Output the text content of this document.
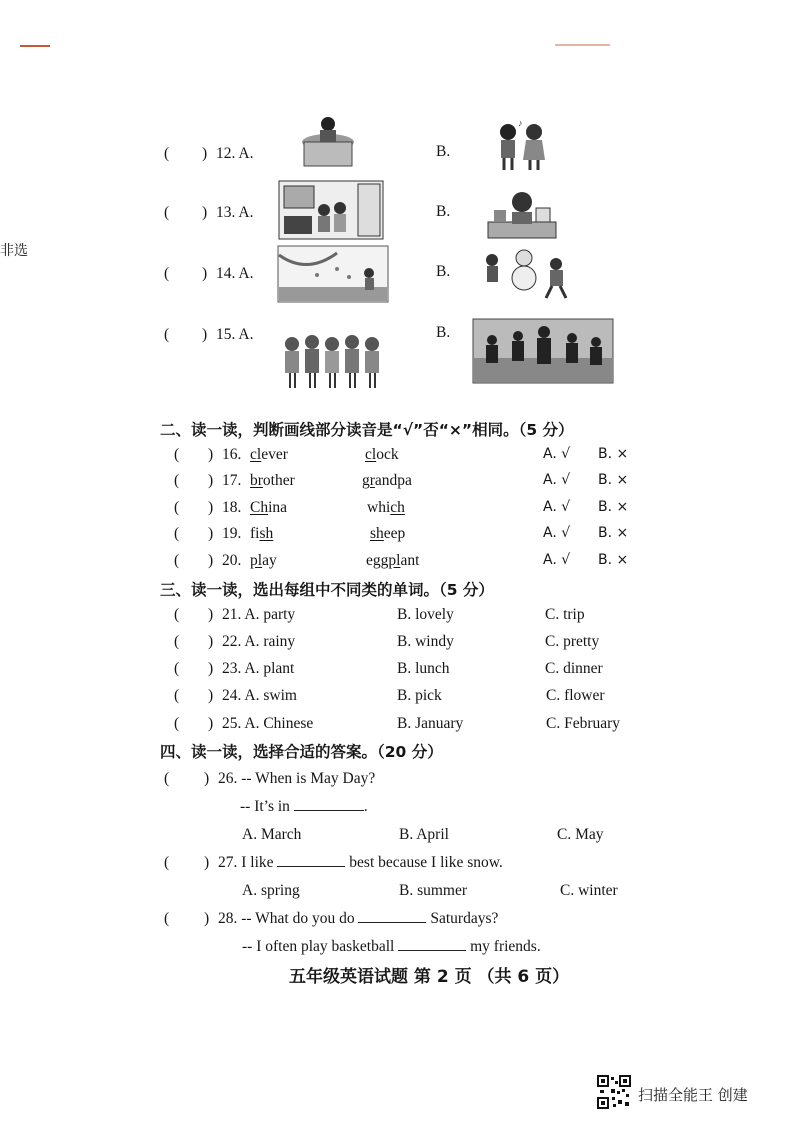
非选
( ) 12. A.	B.
♪
( ) 13. A.	B.
( ) 14. A.	B.
( ) 15. A.	B.
二、读一读，判断画线部分读音是“√”否“×”相同。（5 分）
( ) 16. clever	clock	A. √ B. ×
( ) 17. brother	grandpa	A. √ B. ×
( ) 18. China	which	A. √ B. ×
( ) 19. fish	sheep	A. √ B. ×
( ) 20. play	eggplant	A. √ B. ×
三、读一读，选出每组中不同类的单词。（5 分）
( ) 21. A. party	B. lovely	C. trip
( ) 22. A. rainy	B. windy	C. pretty
( ) 23. A. plant	B. lunch	C. dinner
( ) 24. A. swim	B. pick	C. flower
( ) 25. A. Chinese	B. January	C. February
四、读一读，选择合适的答案。（20 分）
( ) 26. -- When is May Day?
-- It’s in	.
A. March	B. April	C. May
( ) 27. I like	best because I like snow.
A. spring	B. summer	C. winter
( ) 28. -- What do you do	Saturdays?
-- I often play basketball	my friends.
五年级英语试题 第 2 页 （共 6 页）
扫描全能王 创建
